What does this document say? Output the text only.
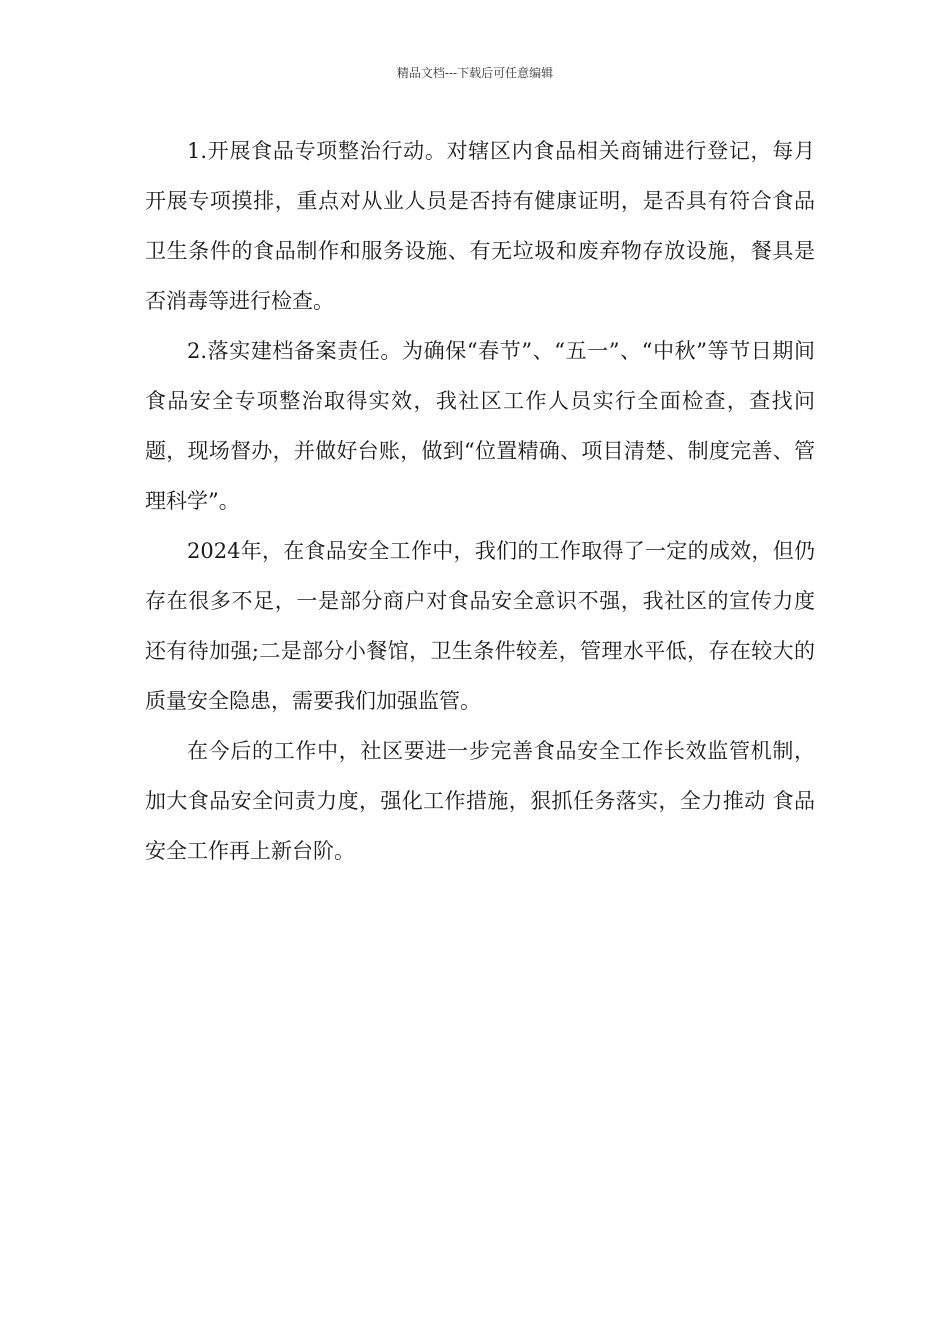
精品文档---下载后可任意编辑

1.开展食品专项整治行动。对辖区内食品相关商铺进行登记，每月开展专项摸排，重点对从业人员是否持有健康证明，是否具有符合食品卫生条件的食品制作和服务设施、有无垃圾和废弃物存放设施，餐具是否消毒等进行检查。

2.落实建档备案责任。为确保“春节”、“五一”、“中秋”等节日期间食品安全专项整治取得实效，我社区工作人员实行全面检查，查找问题，现场督办，并做好台账，做到“位置精确、项目清楚、制度完善、管理科学”。

2024年，在食品安全工作中，我们的工作取得了一定的成效，但仍存在很多不足，一是部分商户对食品安全意识不强，我社区的宣传力度还有待加强;二是部分小餐馆，卫生条件较差，管理水平低，存在较大的质量安全隐患，需要我们加强监管。

在今后的工作中，社区要进一步完善食品安全工作长效监管机制， 加大食品安全问责力度，强化工作措施，狠抓任务落实，全力推动 食品安全工作再上新台阶。
